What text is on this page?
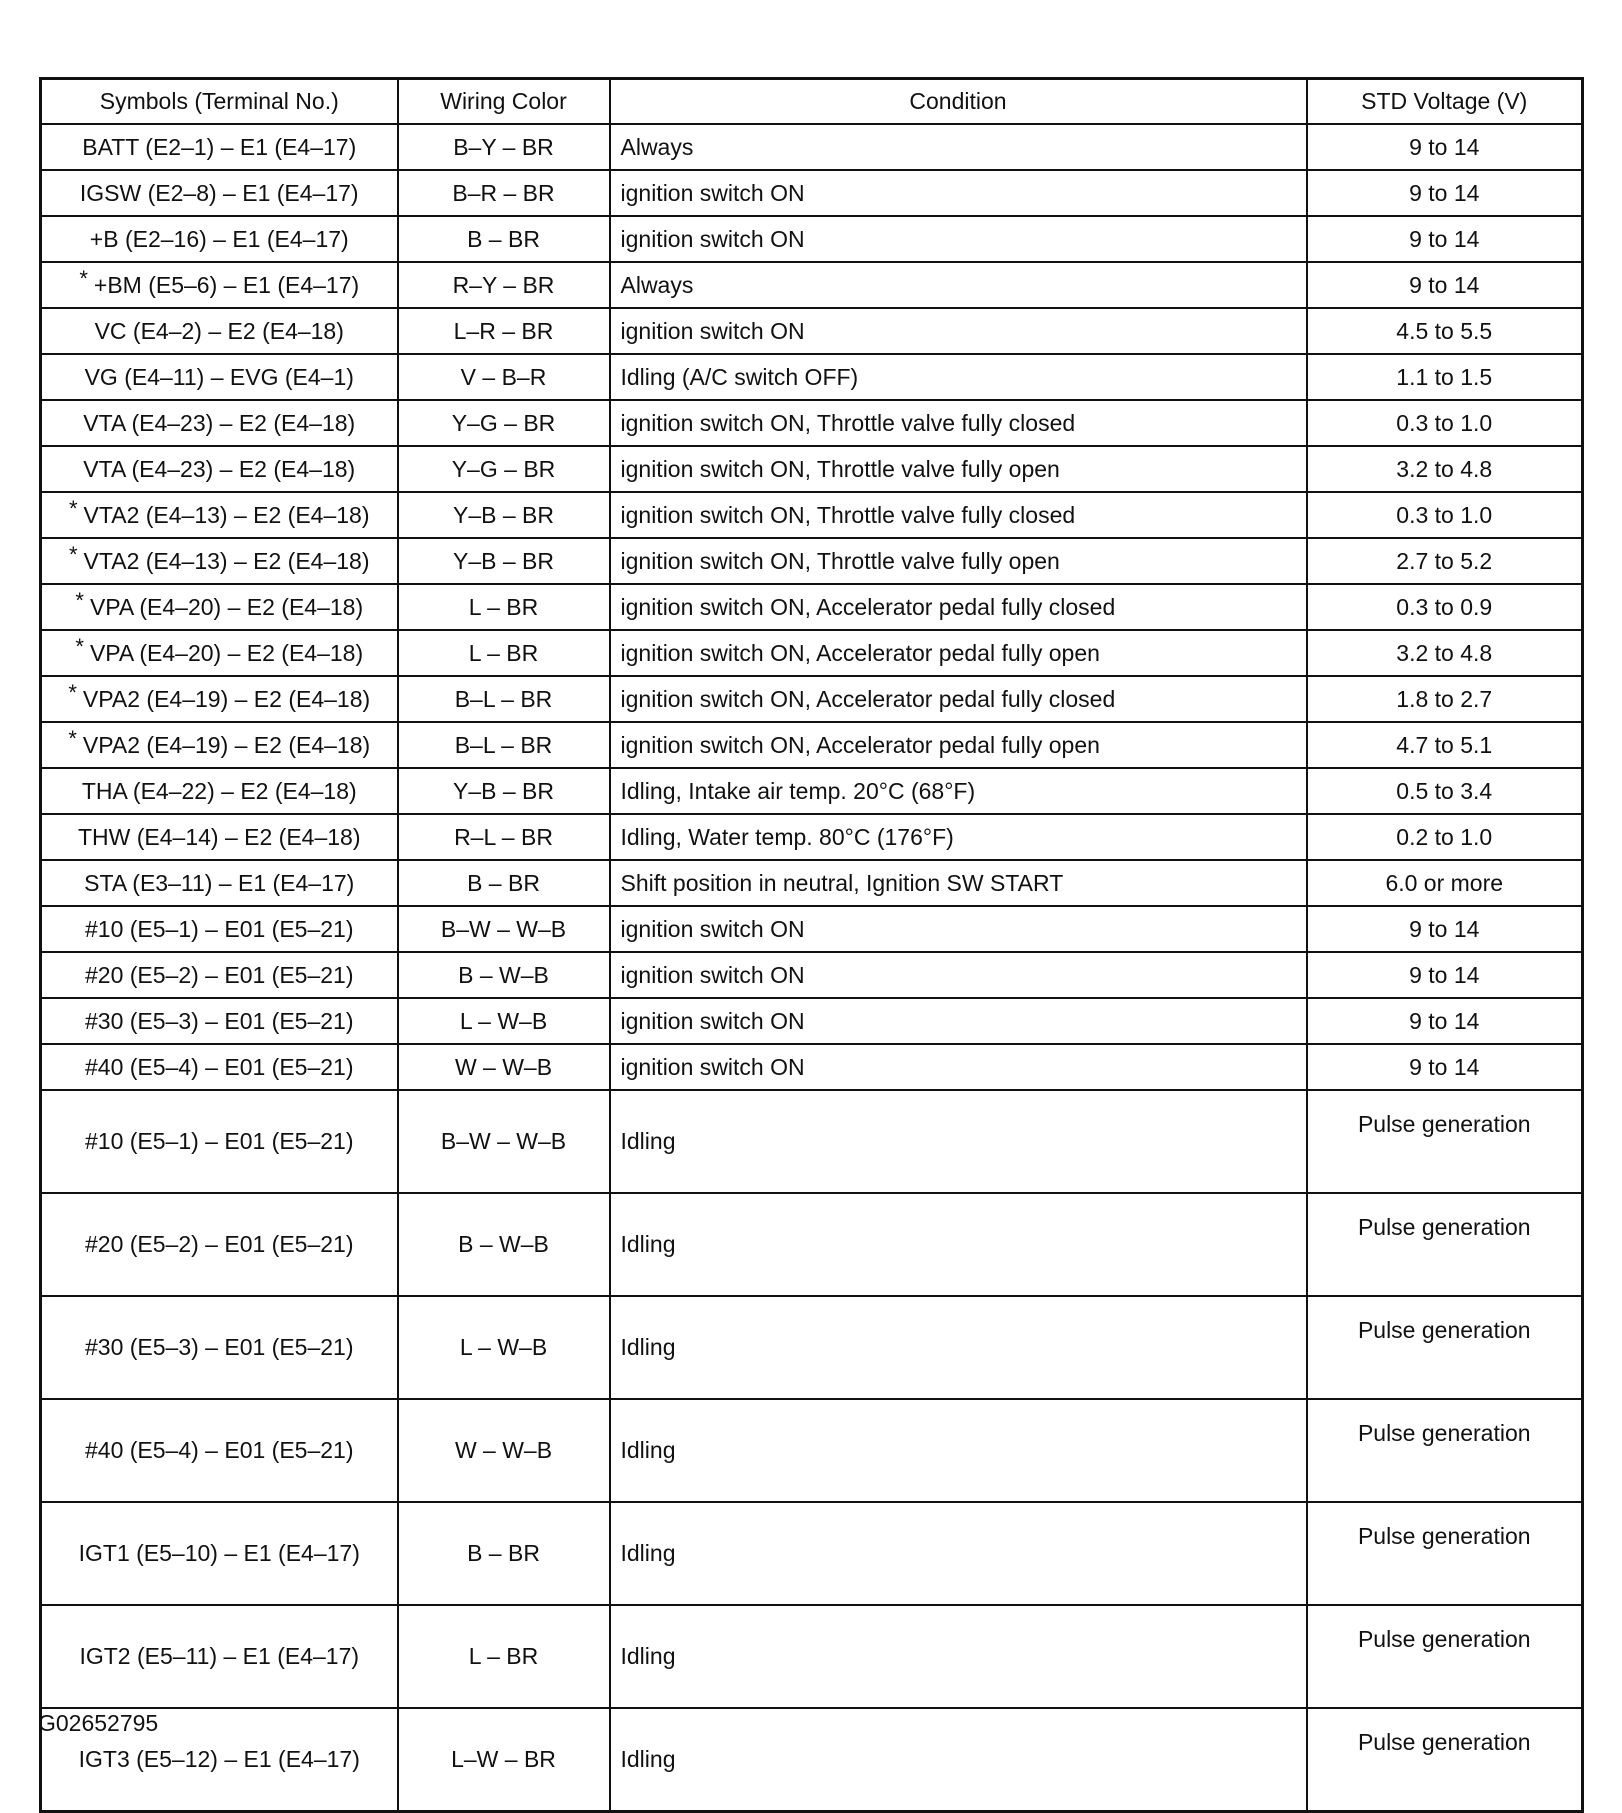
Symbols (Terminal No.)	Wiring Color	Condition	STD Voltage (V)
BATT (E2–1) – E1 (E4–17)	B–Y – BR	Always	9 to 14
IGSW (E2–8) – E1 (E4–17)	B–R – BR	ignition switch ON	9 to 14
+B (E2–16) – E1 (E4–17)	B – BR	ignition switch ON	9 to 14
* +BM (E5–6) – E1 (E4–17)	R–Y – BR	Always	9 to 14
VC (E4–2) – E2 (E4–18)	L–R – BR	ignition switch ON	4.5 to 5.5
VG (E4–11) – EVG (E4–1)	V – B–R	Idling (A/C switch OFF)	1.1 to 1.5
VTA (E4–23) – E2 (E4–18)	Y–G – BR	ignition switch ON, Throttle valve fully closed	0.3 to 1.0
VTA (E4–23) – E2 (E4–18)	Y–G – BR	ignition switch ON, Throttle valve fully open	3.2 to 4.8
* VTA2 (E4–13) – E2 (E4–18)	Y–B – BR	ignition switch ON, Throttle valve fully closed	0.3 to 1.0
* VTA2 (E4–13) – E2 (E4–18)	Y–B – BR	ignition switch ON, Throttle valve fully open	2.7 to 5.2
* VPA (E4–20) – E2 (E4–18)	L – BR	ignition switch ON, Accelerator pedal fully closed	0.3 to 0.9
* VPA (E4–20) – E2 (E4–18)	L – BR	ignition switch ON, Accelerator pedal fully open	3.2 to 4.8
* VPA2 (E4–19) – E2 (E4–18)	B–L – BR	ignition switch ON, Accelerator pedal fully closed	1.8 to 2.7
* VPA2 (E4–19) – E2 (E4–18)	B–L – BR	ignition switch ON, Accelerator pedal fully open	4.7 to 5.1
THA (E4–22) – E2 (E4–18)	Y–B – BR	Idling, Intake air temp. 20°C (68°F)	0.5 to 3.4
THW (E4–14) – E2 (E4–18)	R–L – BR	Idling, Water temp. 80°C (176°F)	0.2 to 1.0
STA (E3–11) – E1 (E4–17)	B – BR	Shift position in neutral, Ignition SW START	6.0 or more
#10 (E5–1) – E01 (E5–21)	B–W – W–B	ignition switch ON	9 to 14
#20 (E5–2) – E01 (E5–21)	B – W–B	ignition switch ON	9 to 14
#30 (E5–3) – E01 (E5–21)	L – W–B	ignition switch ON	9 to 14
#40 (E5–4) – E01 (E5–21)	W – W–B	ignition switch ON	9 to 14
#10 (E5–1) – E01 (E5–21)	B–W – W–B	Idling	Pulse generation
#20 (E5–2) – E01 (E5–21)	B – W–B	Idling	Pulse generation
#30 (E5–3) – E01 (E5–21)	L – W–B	Idling	Pulse generation
#40 (E5–4) – E01 (E5–21)	W – W–B	Idling	Pulse generation
IGT1 (E5–10) – E1 (E4–17)	B – BR	Idling	Pulse generation
IGT2 (E5–11) – E1 (E4–17)	L – BR	Idling	Pulse generation
IGT3 (E5–12) – E1 (E4–17)	L–W – BR	Idling	Pulse generation
G02652795
